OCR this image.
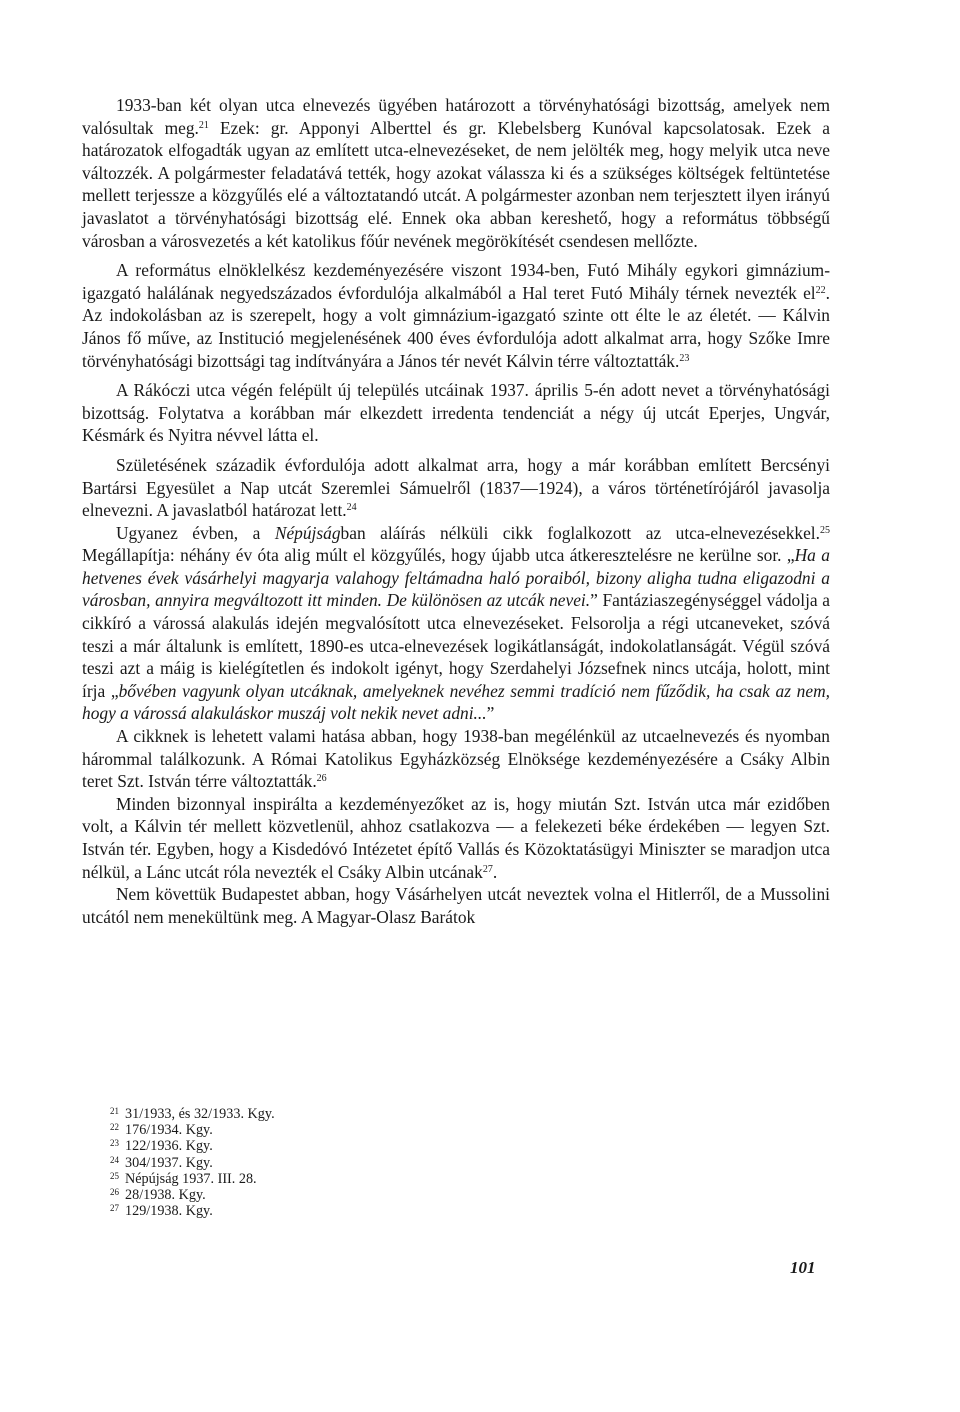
1933-ban két olyan utca elnevezés ügyében határozott a törvényhatósági bizottság, amelyek nem valósultak meg.$^{21}$ Ezek: gr. Apponyi Alberttel és gr. Klebelsberg Kunóval kapcsolatosak. Ezek a határozatok elfogadták ugyan az említett utca-elnevezéseket, de nem jelölték meg, hogy melyik utca neve változzék. A polgármester feladatává tették, hogy azokat válassza ki és a szükséges költségek feltüntetése mellett terjessze a közgyűlés elé a változtatandó utcát. A polgármester azonban nem terjesztett ilyen irányú javaslatot a törvényhatósági bizottság elé. Ennek oka abban kereshető, hogy a református többségű városban a városvezetés a két katolikus főúr nevének megörökítését csendesen mellőzte.

A református elnöklelkész kezdeményezésére viszont 1934-ben, Futó Mihály egykori gimnázium-igazgató halálának negyedszázados évfordulója alkalmából a Hal teret Futó Mihály térnek nevezték $el^{22}$. Az indokolásban az is szerepelt, hogy a volt gimnázium-igazgató szinte ott élte le az életét. — Kálvin János fő műve, az Institució megjelenésének 400 éves évfordulója adott alkalmat arra, hogy Szőke Imre törvényhatósági bizottsági tag indítványára a János tér nevét Kálvin térre változtatták.$^{23}$

A Rákóczi utca végén felépült új település utcáinak 1937. április 5-én adott nevet a törvényhatósági bizottság. Folytatva a korábban már elkezdett irredenta tendenciát a négy új utcát Eperjes, Ungvár, Késmárk és Nyitra névvel látta el.

Születésének századik évfordulója adott alkalmat arra, hogy a már korábban említett Bercsényi Bartársi Egyesület a Nap utcát Szeremlei Sámuelről (1837—1924), a város történetírójáról javasolja elnevezni. A javaslatból határozat lett.$^{24}$

Ugyanez évben, a Népújságban aláírás nélküli cikk foglalkozott az utca-elnevezésekkel.$^{25}$ Megállapítja: néhány év óta alig múlt el közgyűlés, hogy újabb utca átkeresztelésre ne kerülne sor. „Ha a hetvenes évek vásárhelyi magyarja valahogy feltámadna haló poraiból, bizony aligha tudna eligazodni a városban, annyira megváltozott itt minden. De különösen az utcák nevei.” Fantáziaszegénységgel vádolja a cikkíró a várossá alakulás idején megvalósított utca elnevezéseket. Felsorolja a régi utcaneveket, szóvá teszi a már általunk is említett, 1890-es utca-elnevezések logikátlanságát, indokolatlanságát. Végül szóvá teszi azt a máig is kielégítetlen és indokolt igényt, hogy Szerdahelyi Józsefnek nincs utcája, holott, mint írja „bővében vagyunk olyan utcáknak, amelyeknek nevéhez semmi tradíció nem fűződik, ha csak az nem, hogy a várossá alakuláskor muszáj volt nekik nevet adni...”

A cikknek is lehetett valami hatása abban, hogy 1938-ban megélénkül az utcaelnevezés és nyomban hárommal találkozunk. A Római Katolikus Egyházközség Elnöksége kezdeményezésére a Csáky Albin teret Szt. István térre változtatták.$^{26}$

Minden bizonnyal inspirálta a kezdeményezőket az is, hogy miután Szt. István utca már ezidőben volt, a Kálvin tér mellett közvetlenül, ahhoz csatlakozva — a felekezeti béke érdekében — legyen Szt. István tér. Egyben, hogy a Kisdedóvó Intézetet építő Vallás és Közoktatásügyi Miniszter se maradjon utca nélkül, a Lánc utcát róla nevezték el Csáky Albin utcának$^{27}$.

Nem követtük Budapestet abban, hogy Vásárhelyen utcát neveztek volna el Hitlerről, de a Mussolini utcától nem menekültünk meg. A Magyar-Olasz Barátok

$^{21}$ 31/1933, és 32/1933. Kgy.
$^{22}$ 176/1934. Kgy.
$^{23}$ 122/1936. Kgy.
$^{24}$ 304/1937. Kgy.
$^{25}$ Népújság 1937. III. 28.
$^{26}$ 28/1938. Kgy.
$^{27}$ 129/1938. Kgy.
101
